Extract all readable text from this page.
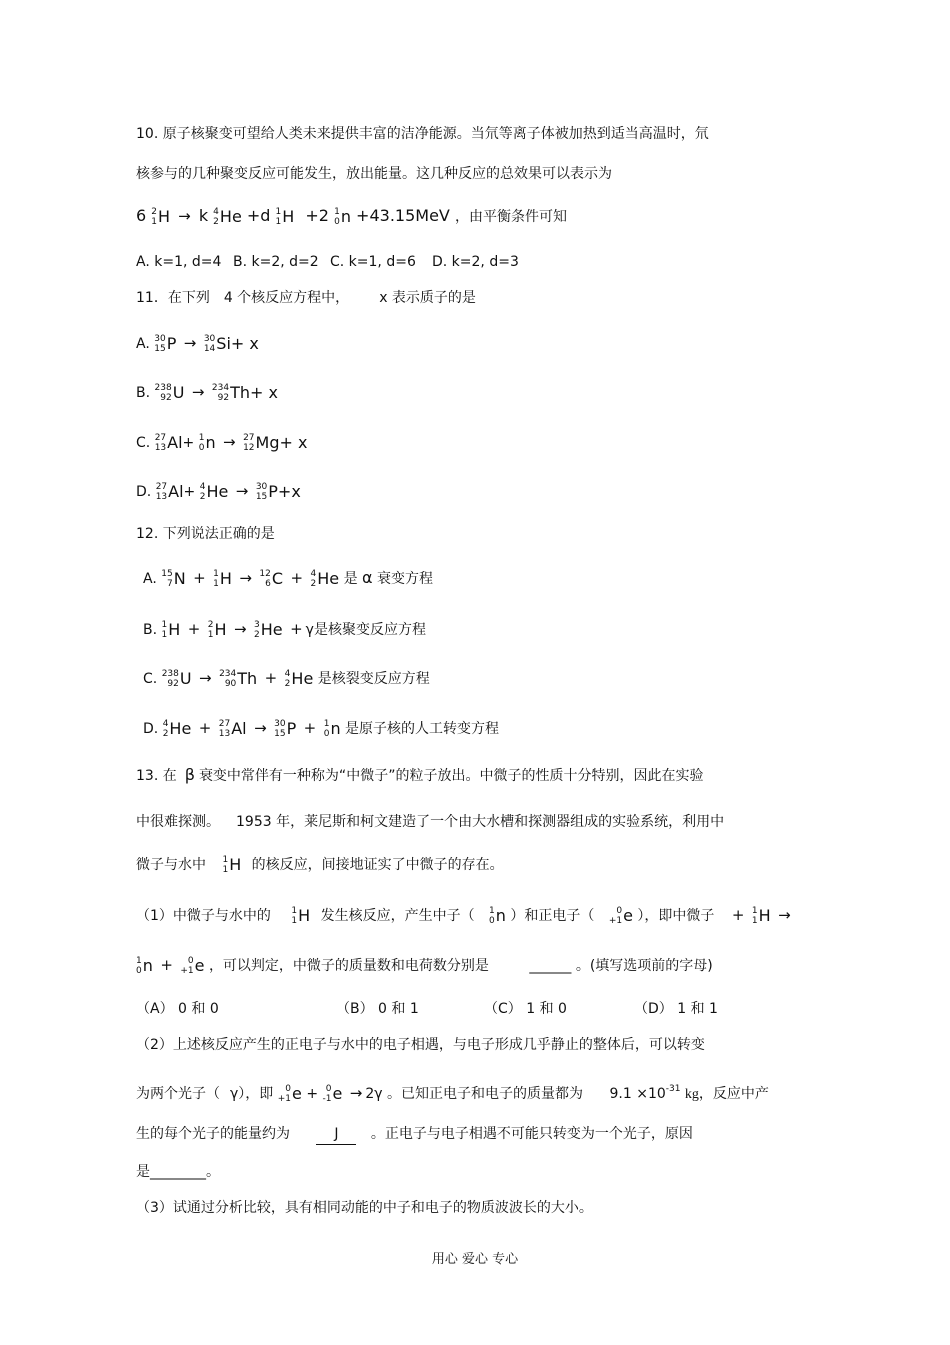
10. 原子核聚变可望给人类未来提供丰富的洁净能源。当氘等离子体被加热到适当高温时，氘
核参与的几种聚变反应可能发生，放出能量。这几种反应的总效果可以表示为
6 2
1 H → k 4
2 He +d 1
1 H +2 1
0 n +43.15MeV ，由平衡条件可知
A. k=1, d=4 B. k=2, d=2 C. k=1, d=6 D. k=2, d=3
11．在下列 4 个核反应方程中， x 表示质子的是
A. 30
15 P → 30
14 Si+ x
B. 238
92 U → 234
92 Th+ x
C. 27
13 Al + 1
0 n → 27
12 Mg+ x
D. 27
13 Al + 4
2 He → 30
15 P+x
12. 下列说法正确的是
A. 15
7 N + 1
1 H → 12
6 C + 4
2 He 是 α 衰变方程
B. 1
1 H + 2
1 H → 3
2 He + γ是核聚变反应方程
C. 238
92 U → 234
90 Th + 4
2 He 是核裂变反应方程
D. 4
2 He + 27
13 Al → 30
15 P + 1
0 n 是原子核的人工转变方程
13. 在 β 衰变中常伴有一种称为“中微子”的粒子放出。中微子的性质十分特别，因此在实验
中很难探测。 1953 年，莱尼斯和柯文建造了一个由大水槽和探测器组成的实验系统，利用中
微子与水中 1
1 H 的核反应，间接地证实了中微子的存在。
（1）中微子与水中的 1
1 H 发生核反应，产生中子（ 1
0 n ）和正电子（ 0
+1 e ），即中微子 + 1
1 H →
1
0 n + 0
+1 e ，可以判定，中微子的质量数和电荷数分别是	______ 。(填写选项前的字母)
（A） 0 和 0	（B） 0 和 1	（C） 1 和 0	（D） 1 和 1
（2）上述核反应产生的正电子与水中的电子相遇，与电子形成几乎静止的整体后，可以转变
为两个光子（ γ），即 0
+1 e + 0
-1 e → 2γ 。已知正电子和电子的质量都为 $9.1 \times 10^{-31}$ kg，反应中产
生的每个光子的能量约为	J 。正电子与电子相遇不可能只转变为一个光子，原因
是________。
（3）试通过分析比较，具有相同动能的中子和电子的物质波波长的大小。
用心 爱心 专心
